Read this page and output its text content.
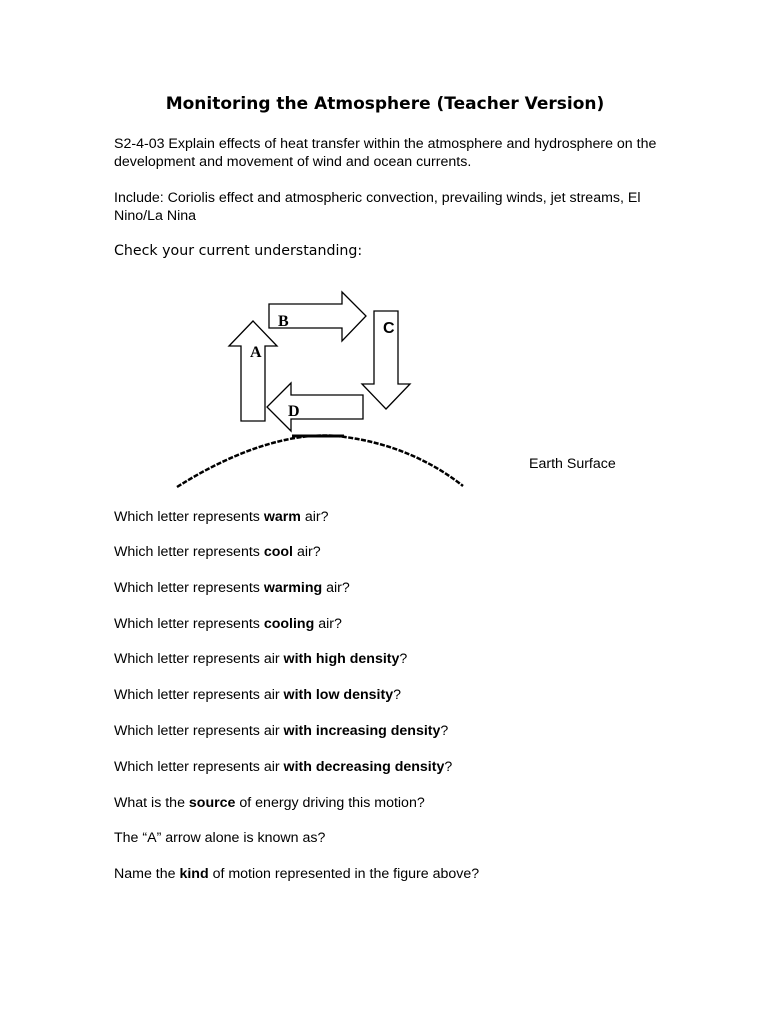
Monitoring the Atmosphere (Teacher Version)

S2-4-03 Explain effects of heat transfer within the atmosphere and hydrosphere on the development and movement of wind and ocean currents.

Include: Coriolis effect and atmospheric convection, prevailing winds, jet streams, El Nino/La Nina

Check your current understanding:

A
B	C
D
Earth Surface

Which letter represents warm air?

Which letter represents cool air?

Which letter represents warming air?

Which letter represents cooling air?

Which letter represents air with high density?

Which letter represents air with low density?

Which letter represents air with increasing density?

Which letter represents air with decreasing density?

What is the source of energy driving this motion?

The “A” arrow alone is known as?

Name the kind of motion represented in the figure above?
